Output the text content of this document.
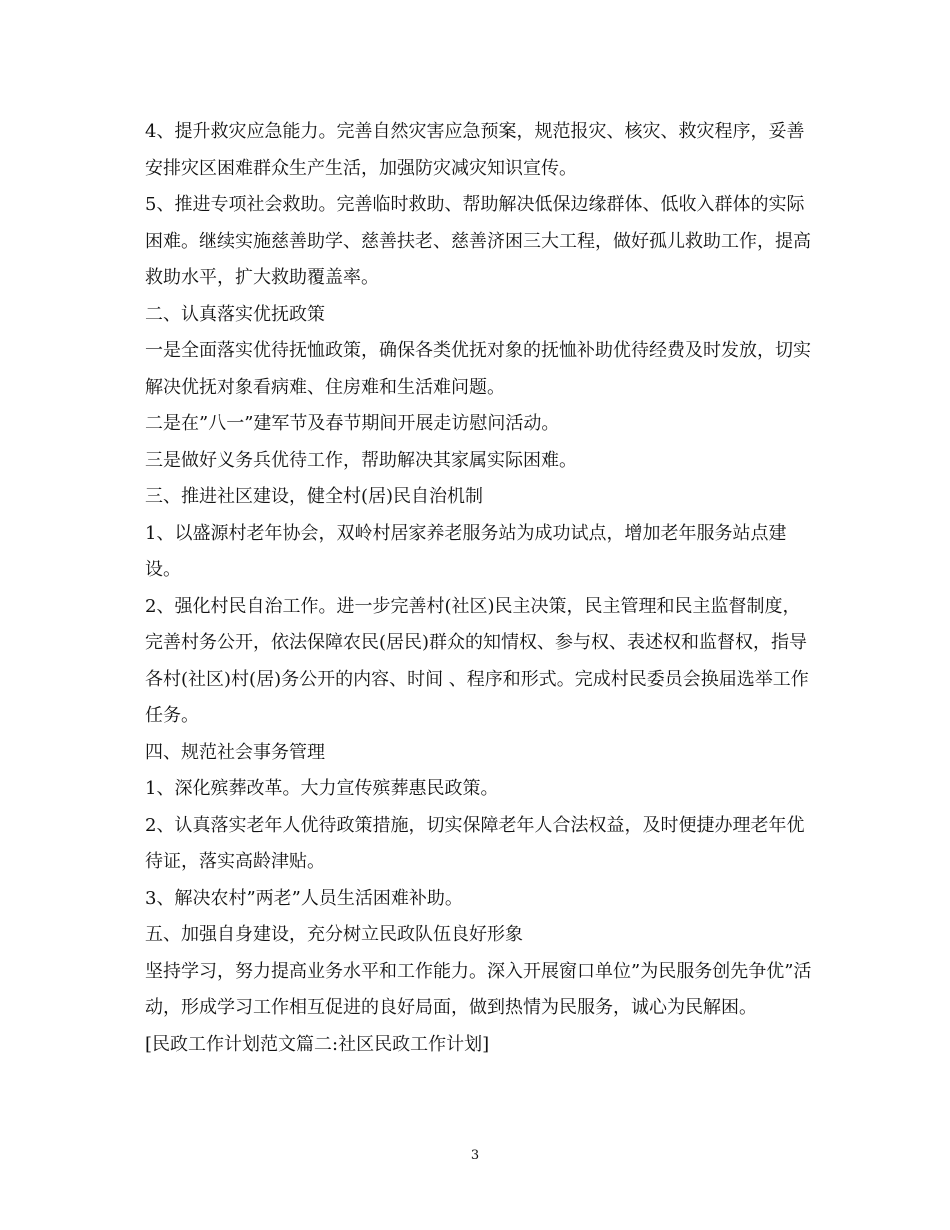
4、提升救灾应急能力。完善自然灾害应急预案，规范报灾、核灾、救灾程序，妥善安排灾区困难群众生产生活，加强防灾减灾知识宣传。

5、推进专项社会救助。完善临时救助、帮助解决低保边缘群体、低收入群体的实际困难。继续实施慈善助学、慈善扶老、慈善济困三大工程，做好孤儿救助工作，提高救助水平，扩大救助覆盖率。

二、认真落实优抚政策

一是全面落实优待抚恤政策，确保各类优抚对象的抚恤补助优待经费及时发放，切实解决优抚对象看病难、住房难和生活难问题。

二是在”八一”建军节及春节期间开展走访慰问活动。

三是做好义务兵优待工作，帮助解决其家属实际困难。

三、推进社区建设，健全村(居)民自治机制

1、以盛源村老年协会，双岭村居家养老服务站为成功试点，增加老年服务站点建设。

2、强化村民自治工作。进一步完善村(社区)民主决策，民主管理和民主监督制度，完善村务公开，依法保障农民(居民)群众的知情权、参与权、表述权和监督权，指导各村(社区)村(居)务公开的内容、时间 、程序和形式。完成村民委员会换届选举工作任务。

四、规范社会事务管理

1、深化殡葬改革。大力宣传殡葬惠民政策。

2、认真落实老年人优待政策措施，切实保障老年人合法权益，及时便捷办理老年优待证，落实高龄津贴。

3、解决农村”两老”人员生活困难补助。

五、加强自身建设，充分树立民政队伍良好形象

坚持学习，努力提高业务水平和工作能力。深入开展窗口单位”为民服务创先争优”活动，形成学习工作相互促进的良好局面，做到热情为民服务，诚心为民解困。

[民政工作计划范文篇二:社区民政工作计划]

3
